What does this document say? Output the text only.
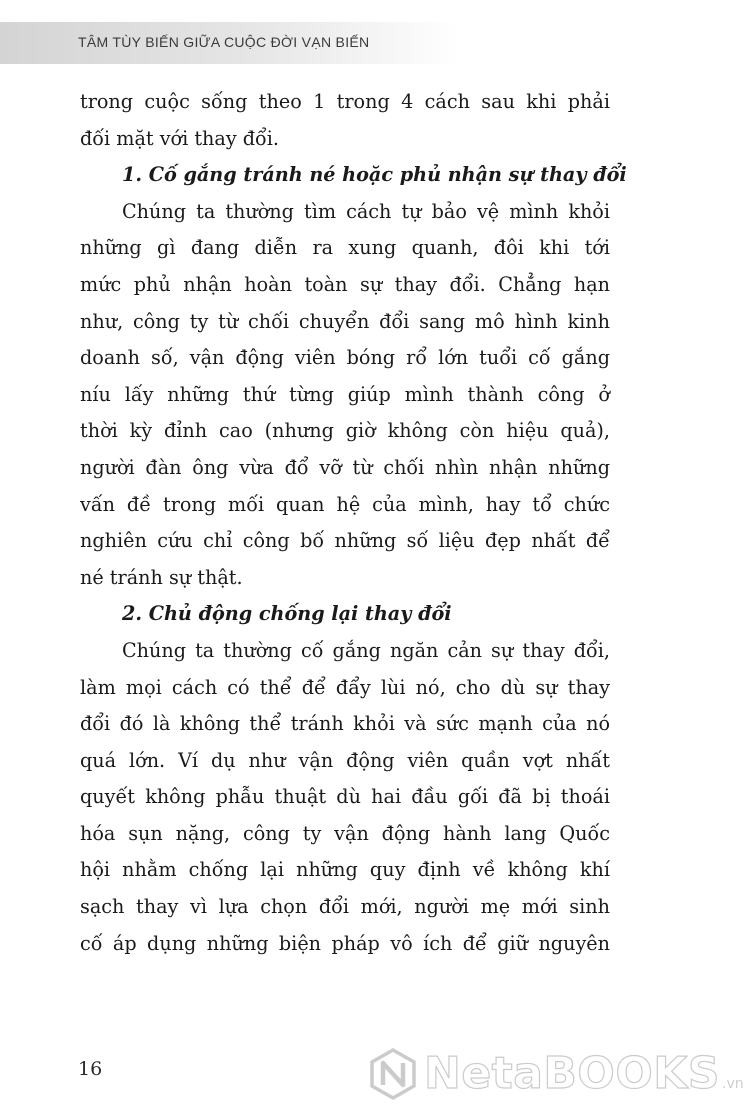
TÂM TÙY BIẾN GIỮA CUỘC ĐỜI VẠN BIẾN
trong cuộc sống theo 1 trong 4 cách sau khi phải
đối mặt với thay đổi.
1. Cố gắng tránh né hoặc phủ nhận sự thay đổi
Chúng ta thường tìm cách tự bảo vệ mình khỏi
những gì đang diễn ra xung quanh, đôi khi tới
mức phủ nhận hoàn toàn sự thay đổi. Chẳng hạn
như, công ty từ chối chuyển đổi sang mô hình kinh
doanh số, vận động viên bóng rổ lớn tuổi cố gắng
níu lấy những thứ từng giúp mình thành công ở
thời kỳ đỉnh cao (nhưng giờ không còn hiệu quả),
người đàn ông vừa đổ vỡ từ chối nhìn nhận những
vấn đề trong mối quan hệ của mình, hay tổ chức
nghiên cứu chỉ công bố những số liệu đẹp nhất để
né tránh sự thật.
2. Chủ động chống lại thay đổi
Chúng ta thường cố gắng ngăn cản sự thay đổi,
làm mọi cách có thể để đẩy lùi nó, cho dù sự thay
đổi đó là không thể tránh khỏi và sức mạnh của nó
quá lớn. Ví dụ như vận động viên quần vợt nhất
quyết không phẫu thuật dù hai đầu gối đã bị thoái
hóa sụn nặng, công ty vận động hành lang Quốc
hội nhằm chống lại những quy định về không khí
sạch thay vì lựa chọn đổi mới, người mẹ mới sinh
cố áp dụng những biện pháp vô ích để giữ nguyên
16	NetaBOOKS .vn
